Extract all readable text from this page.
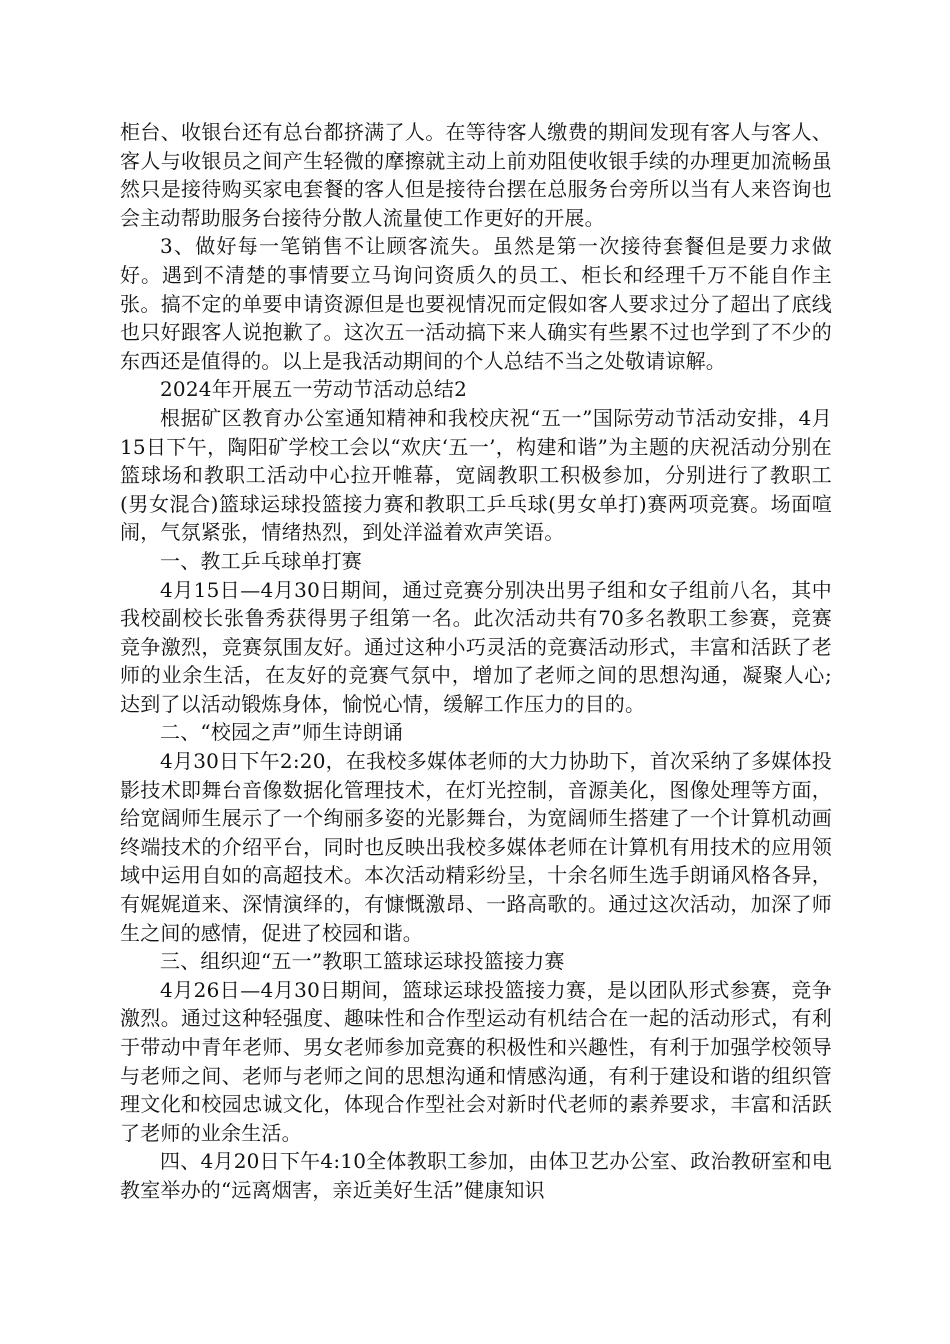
柜台、收银台还有总台都挤满了人。在等待客人缴费的期间发现有客人与客人、客人与收银员之间产生轻微的摩擦就主动上前劝阻使收银手续的办理更加流畅虽然只是接待购买家电套餐的客人但是接待台摆在总服务台旁所以当有人来咨询也会主动帮助服务台接待分散人流量使工作更好的开展。

3、做好每一笔销售不让顾客流失。虽然是第一次接待套餐但是要力求做好。遇到不清楚的事情要立马询问资质久的员工、柜长和经理千万不能自作主张。搞不定的单要申请资源但是也要视情况而定假如客人要求过分了超出了底线也只好跟客人说抱歉了。这次五一活动搞下来人确实有些累不过也学到了不少的东西还是值得的。以上是我活动期间的个人总结不当之处敬请谅解。

2024年开展五一劳动节活动总结2

根据矿区教育办公室通知精神和我校庆祝“五一”国际劳动节活动安排，4月15日下午，陶阳矿学校工会以“欢庆‘五一’，构建和谐”为主题的庆祝活动分别在篮球场和教职工活动中心拉开帷幕，宽阔教职工积极参加，分别进行了教职工(男女混合)篮球运球投篮接力赛和教职工乒乓球(男女单打)赛两项竞赛。场面喧闹，气氛紧张，情绪热烈，到处洋溢着欢声笑语。

一、教工乒乓球单打赛

4月15日—4月30日期间，通过竞赛分别决出男子组和女子组前八名，其中我校副校长张鲁秀获得男子组第一名。此次活动共有70多名教职工参赛，竞赛竞争激烈，竞赛氛围友好。通过这种小巧灵活的竞赛活动形式，丰富和活跃了老师的业余生活，在友好的竞赛气氛中，增加了老师之间的思想沟通，凝聚人心;达到了以活动锻炼身体，愉悦心情，缓解工作压力的目的。

二、“校园之声”师生诗朗诵

4月30日下午2:20，在我校多媒体老师的大力协助下，首次采纳了多媒体投影技术即舞台音像数据化管理技术，在灯光控制，音源美化，图像处理等方面，给宽阔师生展示了一个绚丽多姿的光影舞台，为宽阔师生搭建了一个计算机动画终端技术的介绍平台，同时也反映出我校多媒体老师在计算机有用技术的应用领域中运用自如的高超技术。本次活动精彩纷呈，十余名师生选手朗诵风格各异，有娓娓道来、深情演绎的，有慷慨激昂、一路高歌的。通过这次活动，加深了师生之间的感情，促进了校园和谐。

三、组织迎“五一”教职工篮球运球投篮接力赛

4月26日—4月30日期间，篮球运球投篮接力赛，是以团队形式参赛，竞争激烈。通过这种轻强度、趣味性和合作型运动有机结合在一起的活动形式，有利于带动中青年老师、男女老师参加竞赛的积极性和兴趣性，有利于加强学校领导与老师之间、老师与老师之间的思想沟通和情感沟通，有利于建设和谐的组织管理文化和校园忠诚文化，体现合作型社会对新时代老师的素养要求，丰富和活跃了老师的业余生活。

四、4月20日下午4:10全体教职工参加，由体卫艺办公室、政治教研室和电教室举办的“远离烟害，亲近美好生活”健康知识
